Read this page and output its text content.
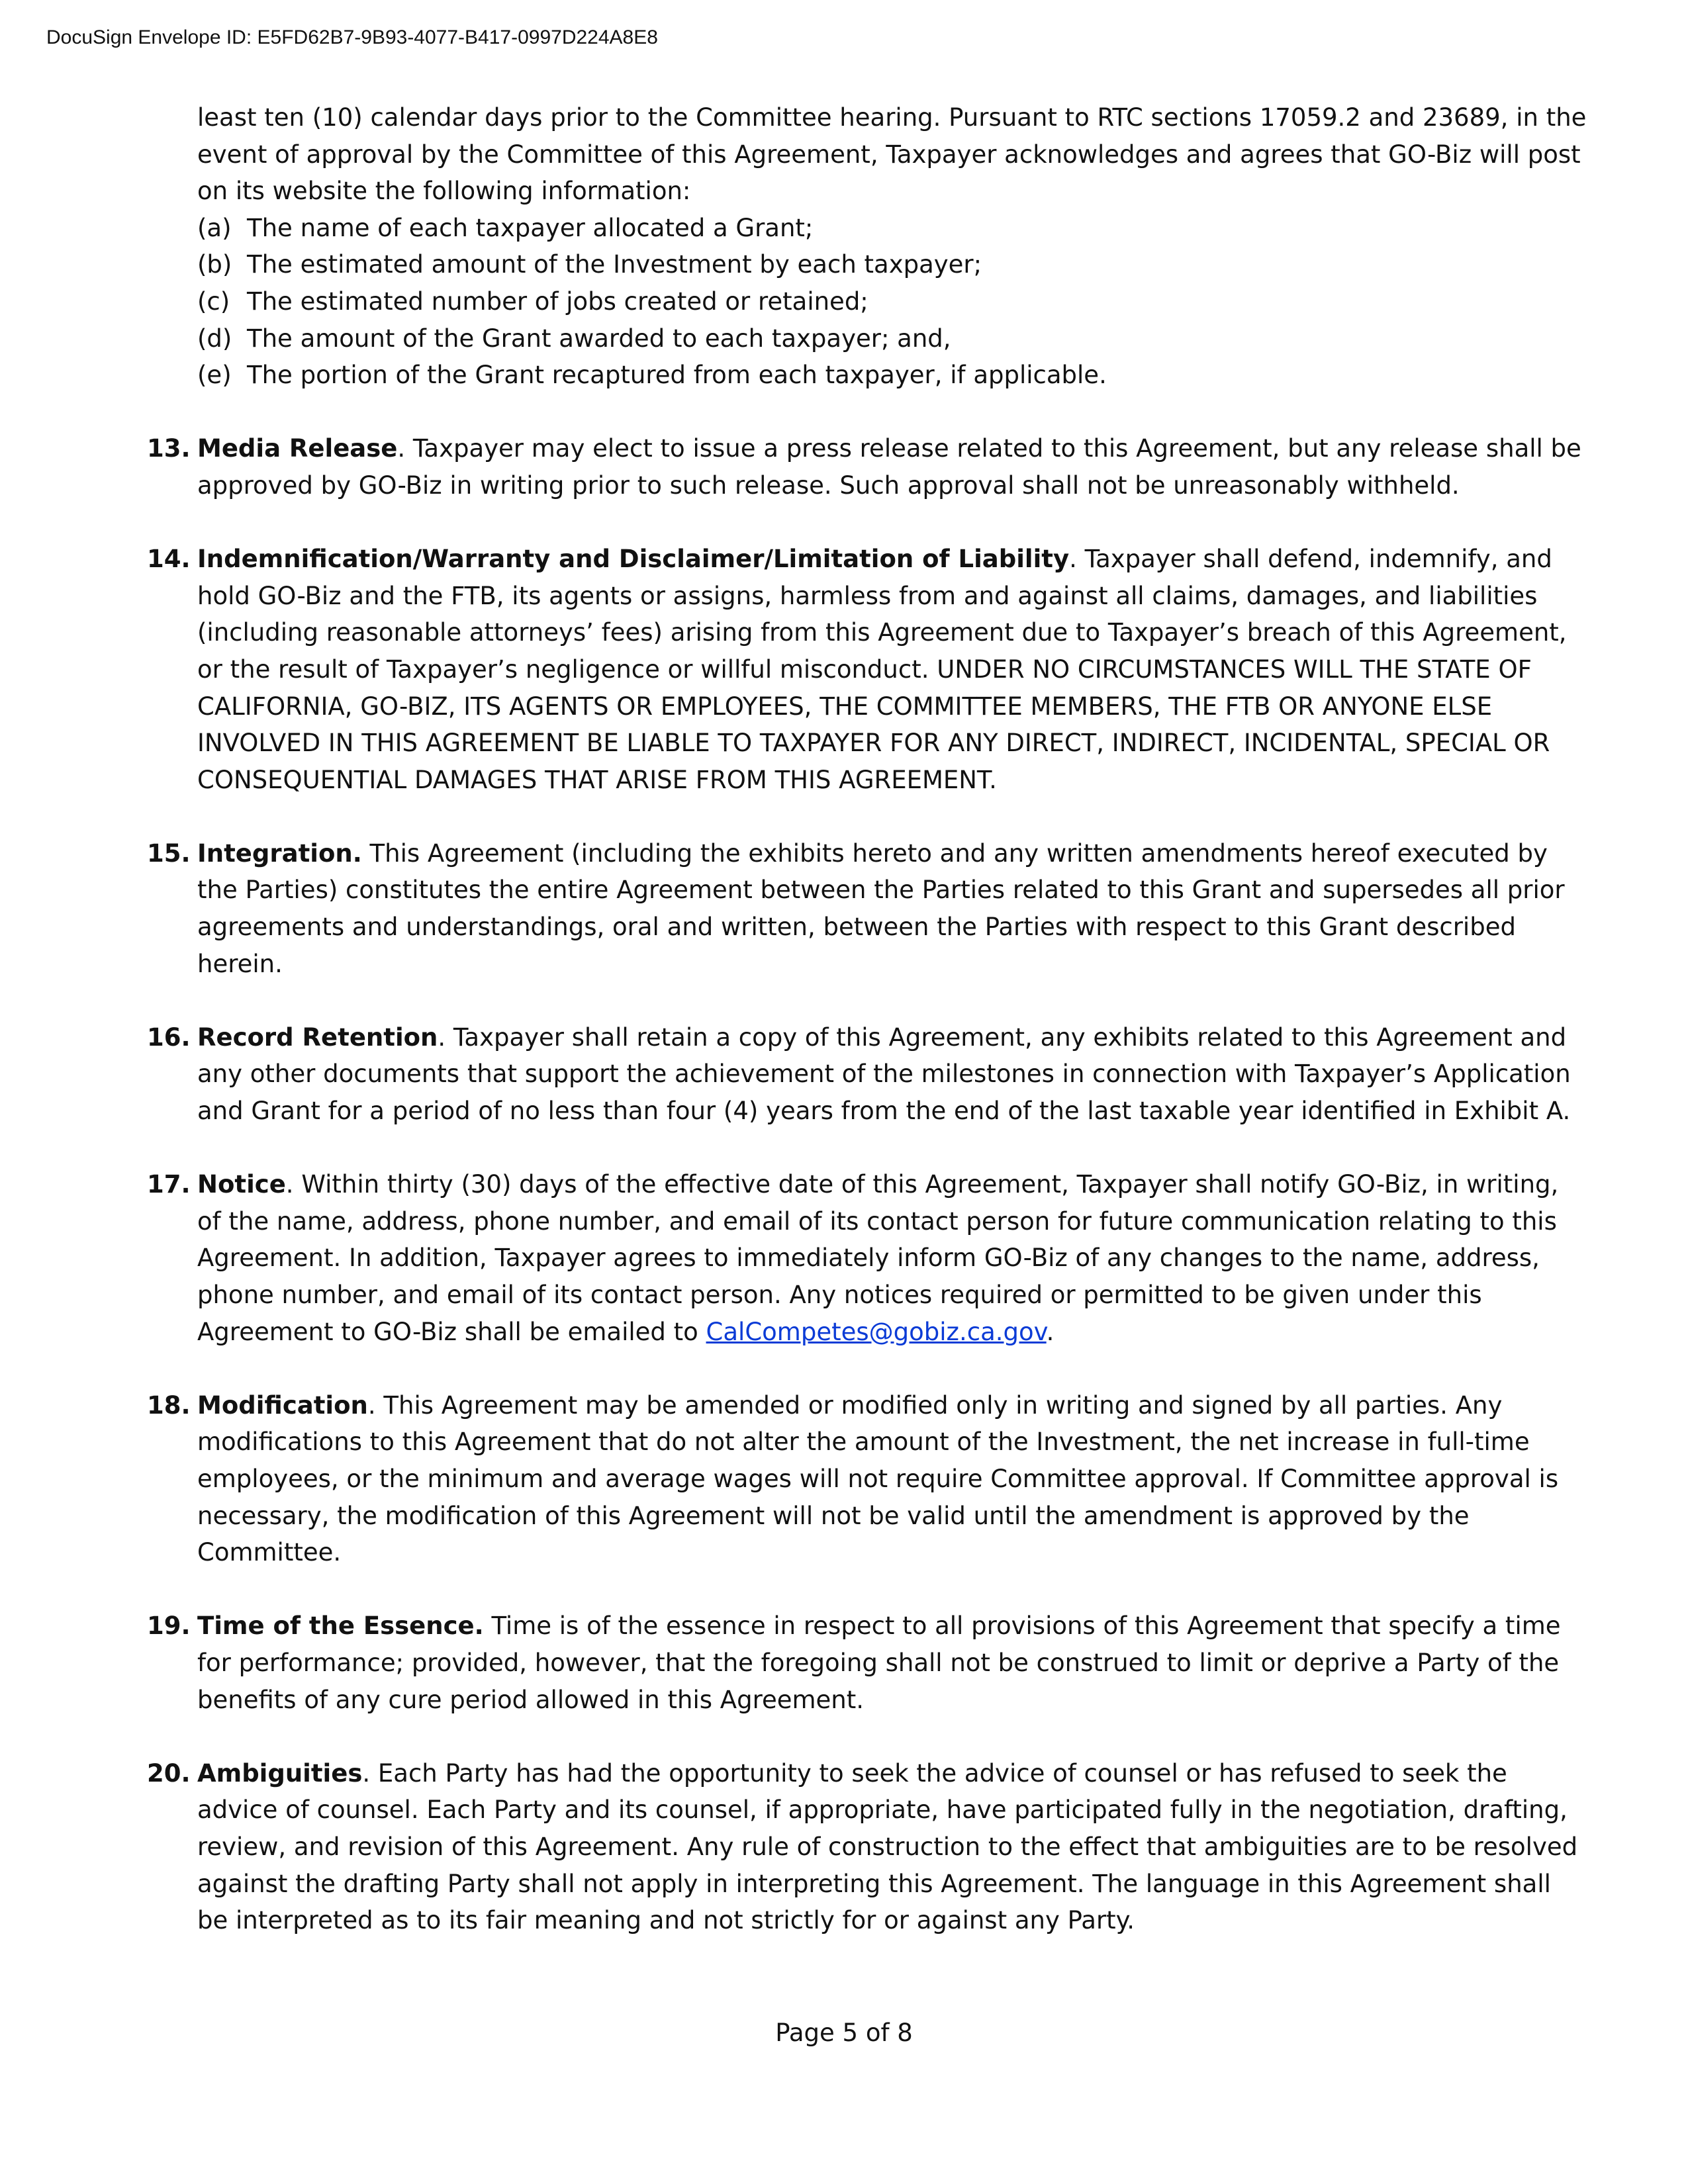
DocuSign Envelope ID: E5FD62B7-9B93-4077-B417-0997D224A8E8

least ten (10) calendar days prior to the Committee hearing. Pursuant to RTC sections 17059.2 and 23689, in the event of approval by the Committee of this Agreement, Taxpayer acknowledges and agrees that GO-Biz will post on its website the following information:

(a) The name of each taxpayer allocated a Grant;
(b) The estimated amount of the Investment by each taxpayer;
(c) The estimated number of jobs created or retained;
(d) The amount of the Grant awarded to each taxpayer; and,
(e) The portion of the Grant recaptured from each taxpayer, if applicable.
13. Media Release. Taxpayer may elect to issue a press release related to this Agreement, but any release shall be approved by GO-Biz in writing prior to such release. Such approval shall not be unreasonably withheld.
14. Indemnification/Warranty and Disclaimer/Limitation of Liability. Taxpayer shall defend, indemnify, and hold GO-Biz and the FTB, its agents or assigns, harmless from and against all claims, damages, and liabilities (including reasonable attorneys’ fees) arising from this Agreement due to Taxpayer’s breach of this Agreement, or the result of Taxpayer’s negligence or willful misconduct. UNDER NO CIRCUMSTANCES WILL THE STATE OF CALIFORNIA, GO-BIZ, ITS AGENTS OR EMPLOYEES, THE COMMITTEE MEMBERS, THE FTB OR ANYONE ELSE INVOLVED IN THIS AGREEMENT BE LIABLE TO TAXPAYER FOR ANY DIRECT, INDIRECT, INCIDENTAL, SPECIAL OR CONSEQUENTIAL DAMAGES THAT ARISE FROM THIS AGREEMENT.
15. Integration. This Agreement (including the exhibits hereto and any written amendments hereof executed by the Parties) constitutes the entire Agreement between the Parties related to this Grant and supersedes all prior agreements and understandings, oral and written, between the Parties with respect to this Grant described herein.
16. Record Retention. Taxpayer shall retain a copy of this Agreement, any exhibits related to this Agreement and any other documents that support the achievement of the milestones in connection with Taxpayer’s Application and Grant for a period of no less than four (4) years from the end of the last taxable year identified in Exhibit A.
17. Notice. Within thirty (30) days of the effective date of this Agreement, Taxpayer shall notify GO-Biz, in writing, of the name, address, phone number, and email of its contact person for future communication relating to this Agreement. In addition, Taxpayer agrees to immediately inform GO-Biz of any changes to the name, address, phone number, and email of its contact person. Any notices required or permitted to be given under this Agreement to GO-Biz shall be emailed to CalCompetes@gobiz.ca.gov.
18. Modification. This Agreement may be amended or modified only in writing and signed by all parties. Any modifications to this Agreement that do not alter the amount of the Investment, the net increase in full-time employees, or the minimum and average wages will not require Committee approval. If Committee approval is necessary, the modification of this Agreement will not be valid until the amendment is approved by the Committee.
19. Time of the Essence. Time is of the essence in respect to all provisions of this Agreement that specify a time for performance; provided, however, that the foregoing shall not be construed to limit or deprive a Party of the benefits of any cure period allowed in this Agreement.
20. Ambiguities. Each Party has had the opportunity to seek the advice of counsel or has refused to seek the advice of counsel. Each Party and its counsel, if appropriate, have participated fully in the negotiation, drafting, review, and revision of this Agreement. Any rule of construction to the effect that ambiguities are to be resolved against the drafting Party shall not apply in interpreting this Agreement. The language in this Agreement shall be interpreted as to its fair meaning and not strictly for or against any Party.
Page 5 of 8
